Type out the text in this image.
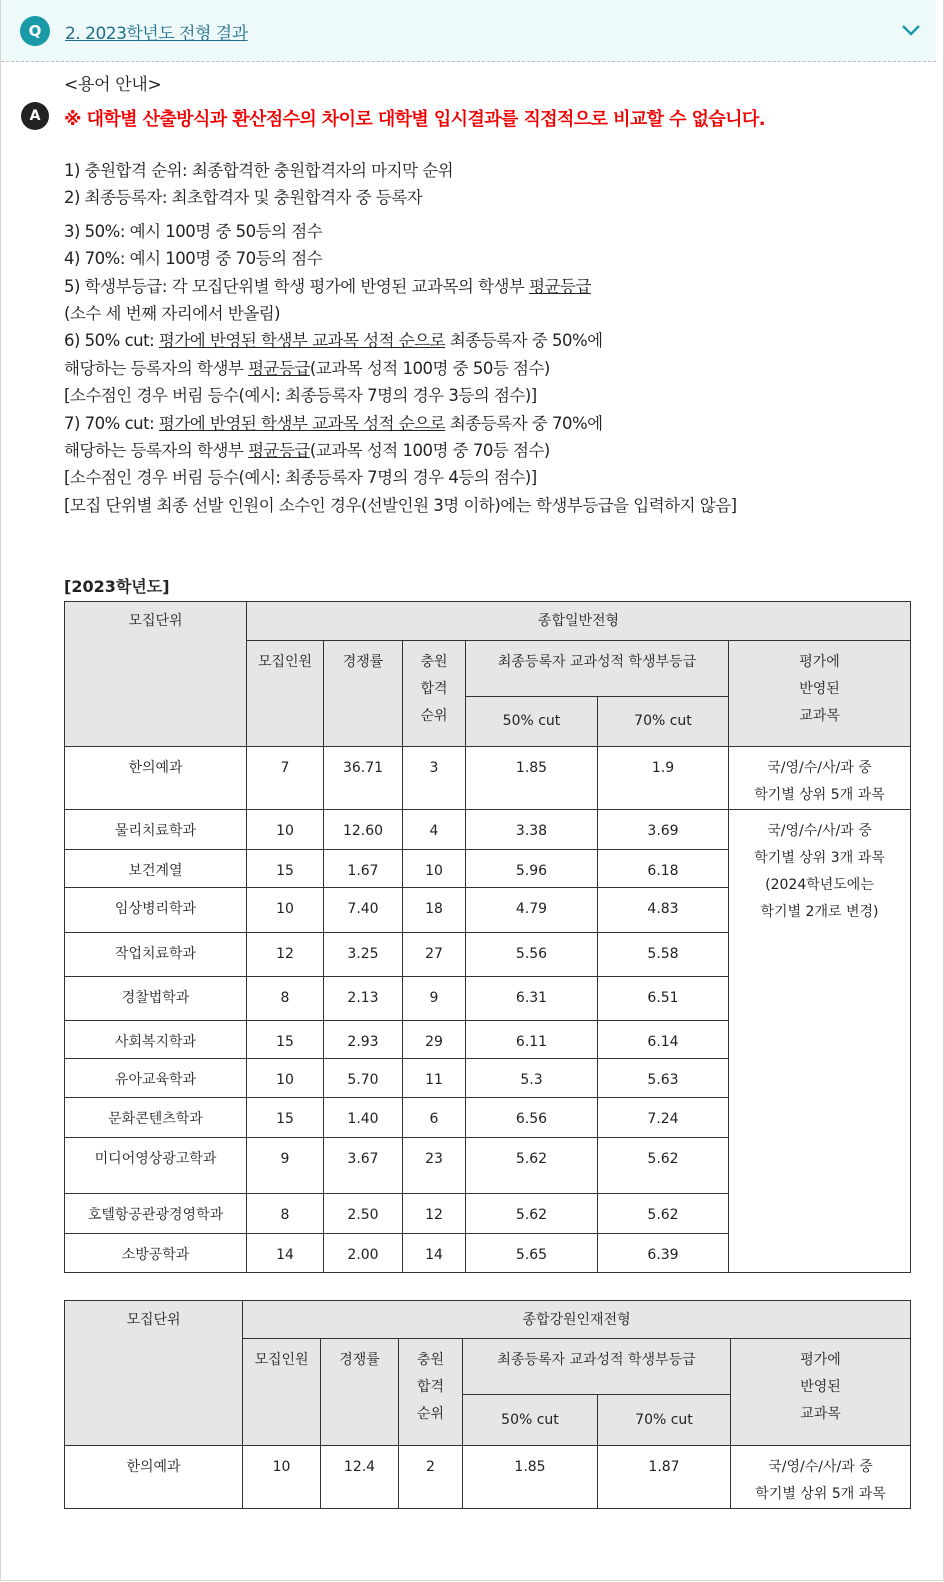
Q	2. 2023학년도 전형 결과
A
<용어 안내>
※ 대학별 산출방식과 환산점수의 차이로 대학별 입시결과를 직접적으로 비교할 수 없습니다.
1) 충원합격 순위: 최종합격한 충원합격자의 마지막 순위
2) 최종등록자: 최초합격자 및 충원합격자 중 등록자
3) 50%: 예시 100명 중 50등의 점수
4) 70%: 예시 100명 중 70등의 점수
5) 학생부등급: 각 모집단위별 학생 평가에 반영된 교과목의 학생부 평균등급
(소수 세 번째 자리에서 반올림)
6) 50% cut: 평가에 반영된 학생부 교과목 성적 순으로 최종등록자 중 50%에
해당하는 등록자의 학생부 평균등급(교과목 성적 100명 중 50등 점수)
[소수점인 경우 버림 등수(예시: 최종등록자 7명의 경우 3등의 점수)]
7) 70% cut: 평가에 반영된 학생부 교과목 성적 순으로 최종등록자 중 70%에
해당하는 등록자의 학생부 평균등급(교과목 성적 100명 중 70등 점수)
[소수점인 경우 버림 등수(예시: 최종등록자 7명의 경우 4등의 점수)]
[모집 단위별 최종 선발 인원이 소수인 경우(선발인원 3명 이하)에는 학생부등급을 입력하지 않음]
[2023학년도]
모집단위	종합일반전형					
	모집인원	경쟁률	충원
합격
순위	최종등록자 교과성적 학생부등급		평가에
반영된
교과목
				50% cut	70% cut	
한의예과	7	36.71	3	1.85	1.9	국/영/수/사/과 중
학기별 상위 5개 과목
물리치료학과	10	12.60	4	3.38	3.69	국/영/수/사/과 중
학기별 상위 3개 과목
(2024학년도에는
학기별 2개로 변경)
보건계열	15	1.67	10	5.96	6.18	
임상병리학과	10	7.40	18	4.79	4.83	
작업치료학과	12	3.25	27	5.56	5.58	
경찰법학과	8	2.13	9	6.31	6.51	
사회복지학과	15	2.93	29	6.11	6.14	
유아교육학과	10	5.70	11	5.3	5.63	
문화콘텐츠학과	15	1.40	6	6.56	7.24	
미디어영상광고학과	9	3.67	23	5.62	5.62	
호텔항공관광경영학과	8	2.50	12	5.62	5.62	
소방공학과	14	2.00	14	5.65	6.39	
모집단위	종합강원인재전형					
	모집인원	경쟁률	충원
합격
순위	최종등록자 교과성적 학생부등급		평가에
반영된
교과목
				50% cut	70% cut	
한의예과	10	12.4	2	1.85	1.87	국/영/수/사/과 중
학기별 상위 5개 과목
